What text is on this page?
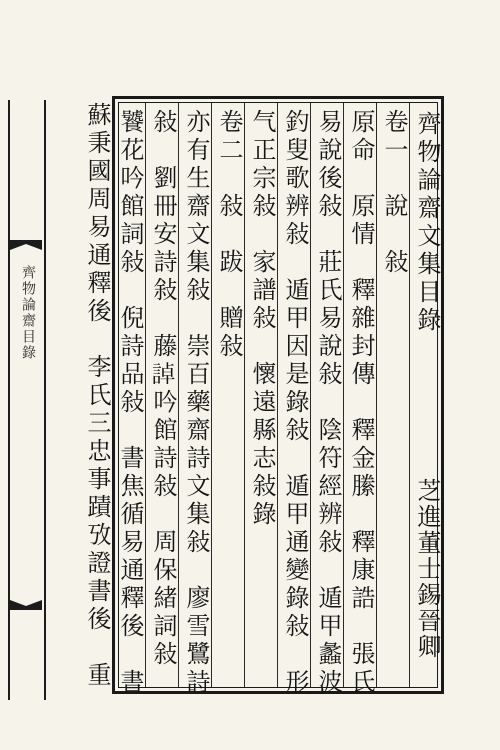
齊物論齋目錄	齊物論齋文集目錄
芝進董士錫晉卿
卷一　說　敍
原命　原情　釋雜封傳　釋金縢　釋康誥　張氏
易說後敍　莊氏易說敍　陰符經辨敍　遁甲蠡波
釣叟歌辨敍　遁甲因是錄敍　遁甲通變錄敍　形
气正宗敍　家譜敍　懷遠縣志敍錄
卷二　敍　跋　贈敍
亦有生齋文集敍　崇百藥齋詩文集敍　廖雪鷺詩
敍　劉冊安詩敍　藤𧨳吟館詩敍　周保緒詞敍
饕花吟館詞敍　倪詩品敍　書焦循易通釋後　書
蘇秉國周易通釋後　李氏三忠事蹟攷證書後　重
